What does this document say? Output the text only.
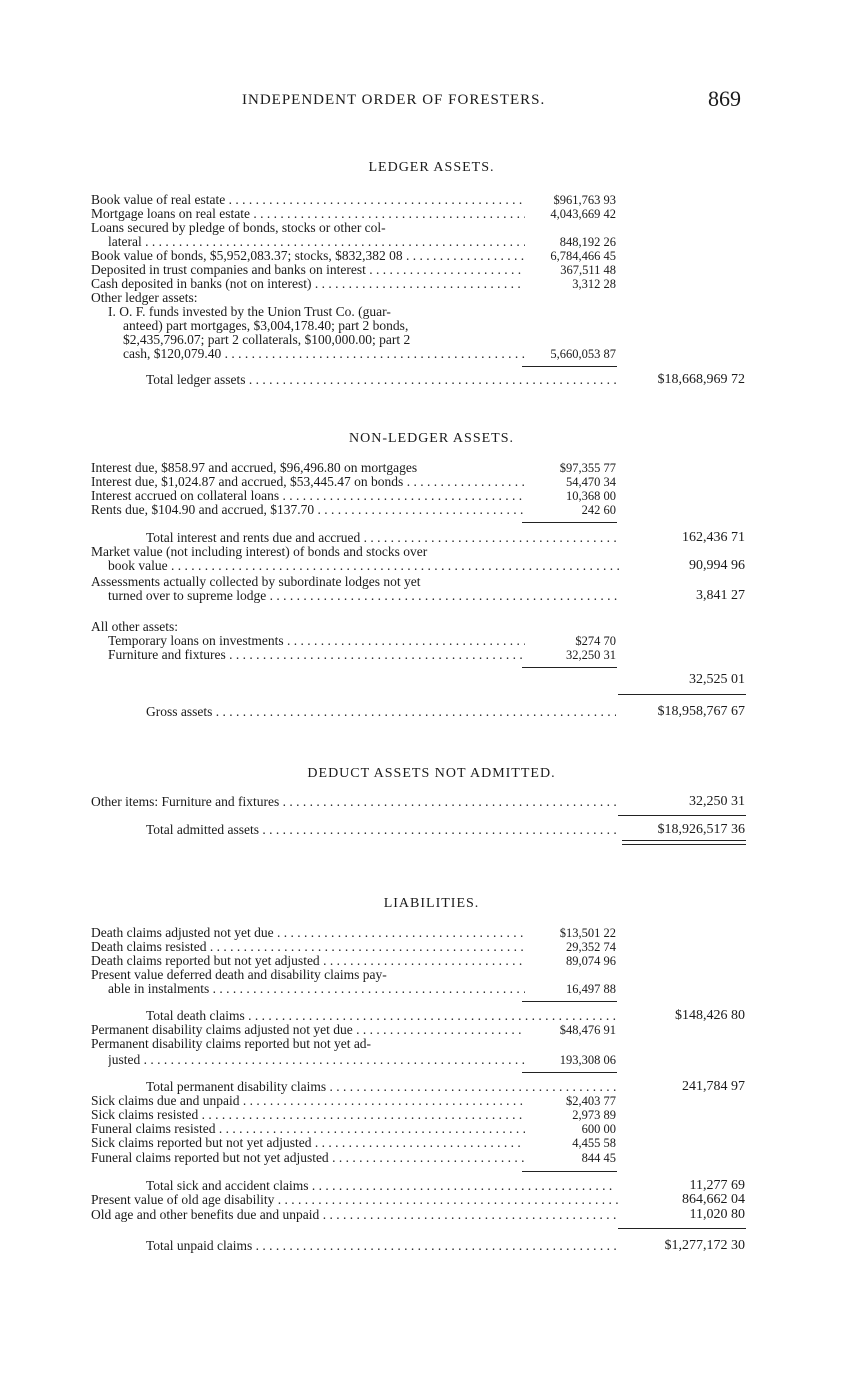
INDEPENDENT ORDER OF FORESTERS.	869
LEDGER ASSETS.
Book value of real estate . . .	$961,763 93
Mortgage loans on real estate . . .	4,043,669 42
Loans secured by pledge of bonds, stocks or other col-
lateral . . .	848,192 26
Book value of bonds, $5,952,083.37; stocks, $832,382 08 . . .	6,784,466 45
Deposited in trust companies and banks on interest . . .	367,511 48
Cash deposited in banks (not on interest) . . .	3,312 28
Other ledger assets:
I. O. F. funds invested by the Union Trust Co. (guar-
anteed) part mortgages, $3,004,178.40; part 2 bonds,
$2,435,796.07; part 2 collaterals, $100,000.00; part 2
cash, $120,079.40 . . .	5,660,053 87
Total ledger assets . . .	$18,668,969 72
NON-LEDGER ASSETS.
Interest due, $858.97 and accrued, $96,496.80 on mortgages	$97,355 77
Interest due, $1,024.87 and accrued, $53,445.47 on bonds . . .	54,470 34
Interest accrued on collateral loans . . .	10,368 00
Rents due, $104.90 and accrued, $137.70 . . .	242 60
Total interest and rents due and accrued . . .	162,436 71
Market value (not including interest) of bonds and stocks over
book value . . .	90,994 96
Assessments actually collected by subordinate lodges not yet
turned over to supreme lodge . . .	3,841 27
All other assets:
Temporary loans on investments . . .	$274 70
Furniture and fixtures . . .	32,250 31
32,525 01
Gross assets . . .	$18,958,767 67
DEDUCT ASSETS NOT ADMITTED.
Other items: Furniture and fixtures . . .	32,250 31
Total admitted assets . . .	$18,926,517 36
LIABILITIES.
Death claims adjusted not yet due . . .	$13,501 22
Death claims resisted . . .	29,352 74
Death claims reported but not yet adjusted . . .	89,074 96
Present value deferred death and disability claims pay-
able in instalments . . .	16,497 88
Total death claims . . .	$148,426 80
Permanent disability claims adjusted not yet due . . .	$48,476 91
Permanent disability claims reported but not yet ad-
justed . . .	193,308 06
Total permanent disability claims . . .	241,784 97
Sick claims due and unpaid . . .	$2,403 77
Sick claims resisted . . .	2,973 89
Funeral claims resisted . . .	600 00
Sick claims reported but not yet adjusted . . .	4,455 58
Funeral claims reported but not yet adjusted . . .	844 45
Total sick and accident claims . . .	11,277 69
Present value of old age disability . . .	864,662 04
Old age and other benefits due and unpaid . . .	11,020 80
Total unpaid claims . . .	$1,277,172 30
